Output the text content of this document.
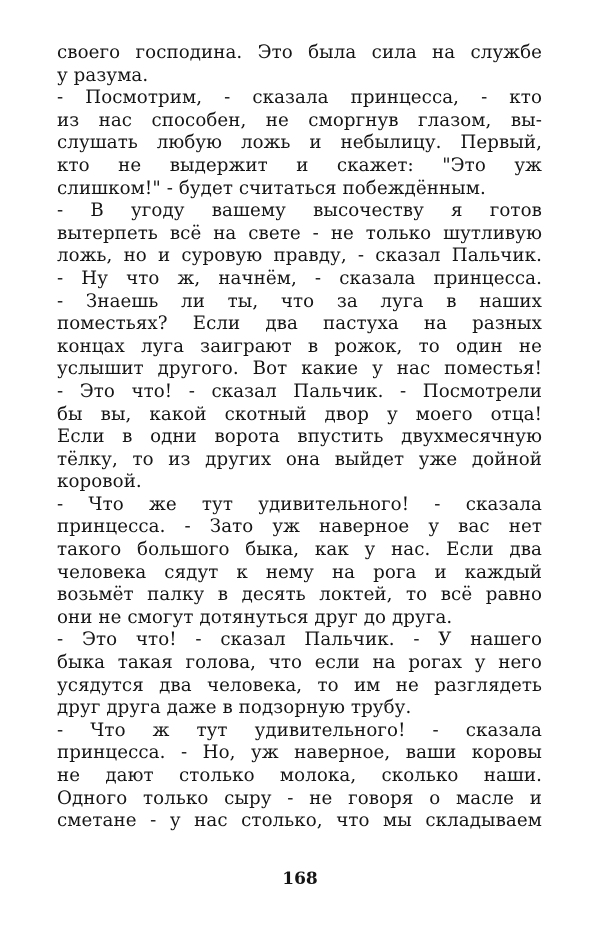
своего господина. Это была сила на службе
у разума.
- Посмотрим, - сказала принцесса, - кто
из нас способен, не сморгнув глазом, вы-
слушать любую ложь и небылицу. Первый,
кто не выдержит и скажет: "Это уж
слишком!" - будет считаться побеждённым.
- В угоду вашему высочеству я готов
вытерпеть всё на свете - не только шутливую
ложь, но и суровую правду, - сказал Пальчик.
- Ну что ж, начнём, - сказала принцесса.
- Знаешь ли ты, что за луга в наших
поместьях? Если два пастуха на разных
концах луга заиграют в рожок, то один не
услышит другого. Вот какие у нас поместья!
- Это что! - сказал Пальчик. - Посмотрели
бы вы, какой скотный двор у моего отца!
Если в одни ворота впустить двухмесячную
тёлку, то из других она выйдет уже дойной
коровой.
- Что же тут удивительного! - сказала
принцесса. - Зато уж наверное у вас нет
такого большого быка, как у нас. Если два
человека сядут к нему на рога и каждый
возьмёт палку в десять локтей, то всё равно
они не смогут дотянуться друг до друга.
- Это что! - сказал Пальчик. - У нашего
быка такая голова, что если на рогах у него
усядутся два человека, то им не разглядеть
друг друга даже в подзорную трубу.
- Что ж тут удивительного! - сказала
принцесса. - Но, уж наверное, ваши коровы
не дают столько молока, сколько наши.
Одного только сыру - не говоря о масле и
сметане - у нас столько, что мы складываем
168
